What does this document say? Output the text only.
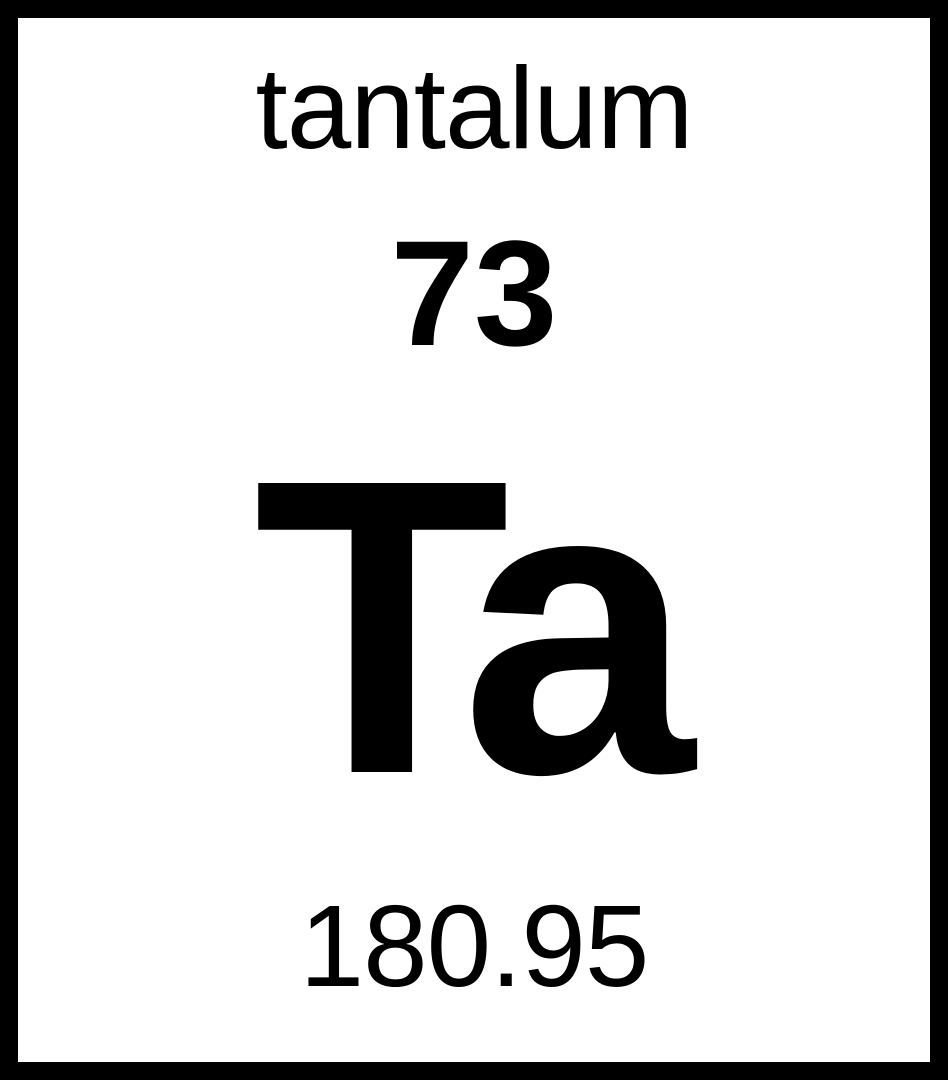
tantalum
73
Ta
180.95
